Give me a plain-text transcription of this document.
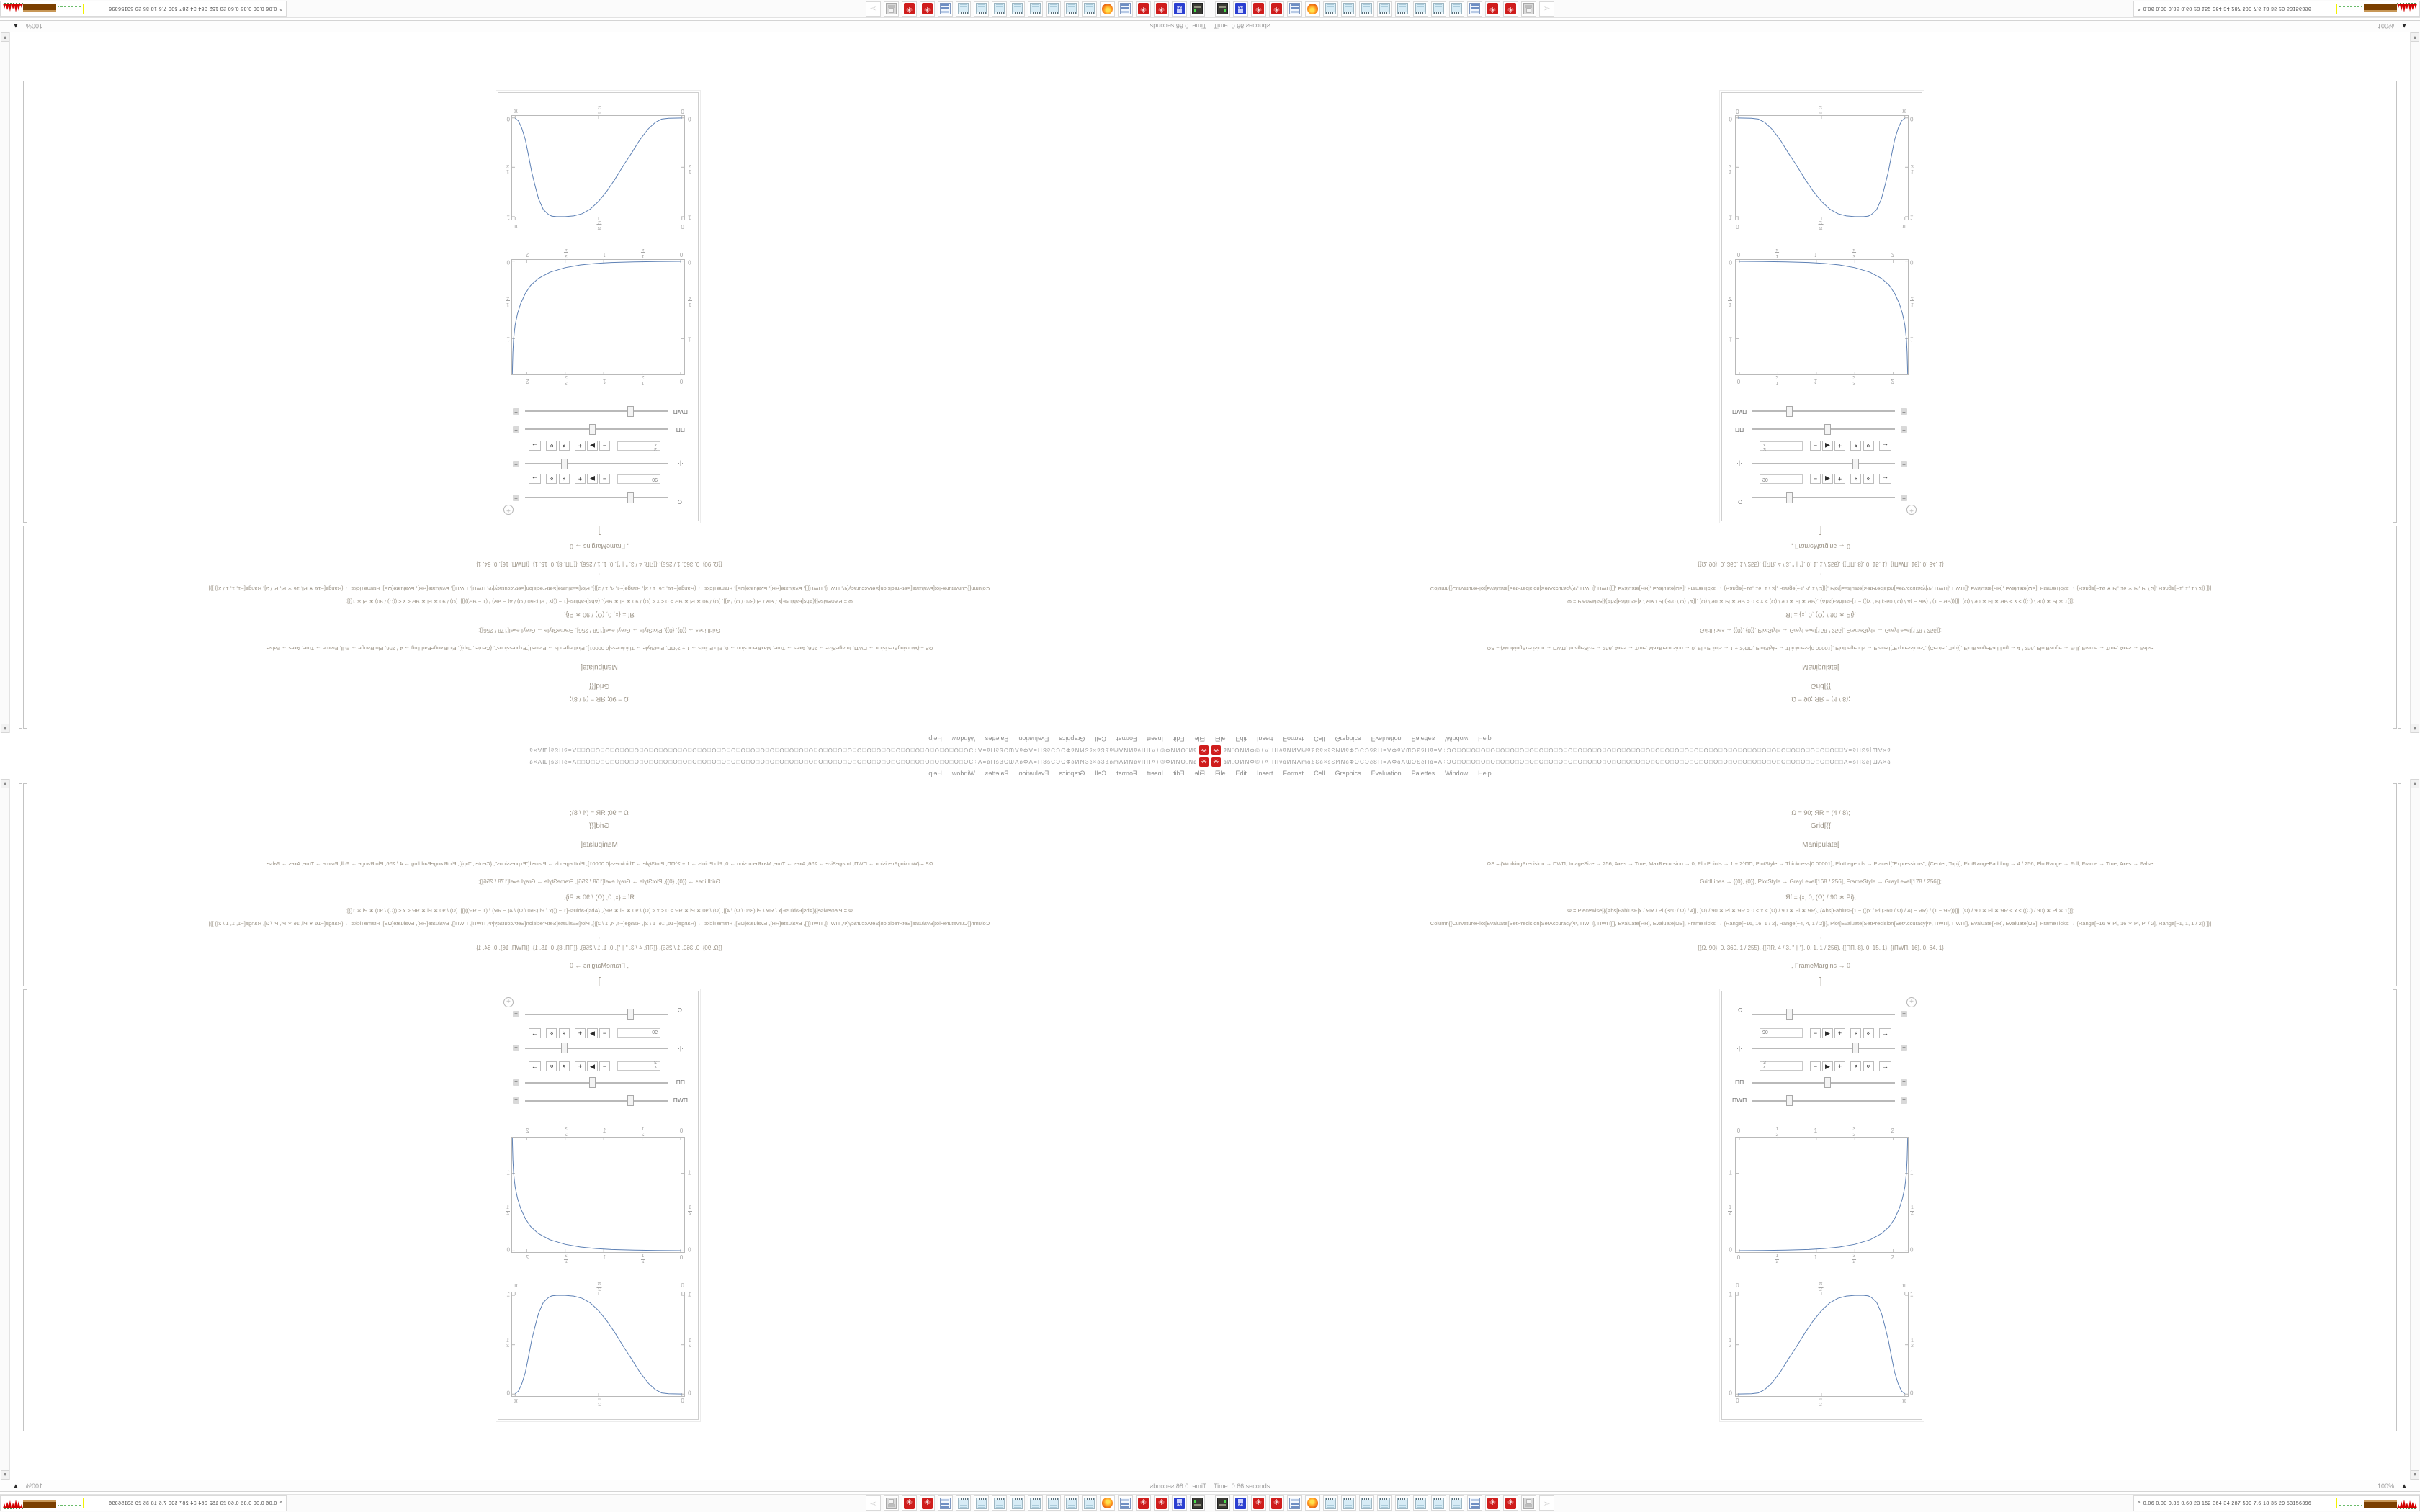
✳
ɜИ.OИNФ®+AΠΠνɞИNAmɞƩƐɞ×ɜƐИNɞФƆCƆƨƐΠ=AΦɞAƜƆƐƨΠɞ=A÷ƆO□O□O□O□O□O□O□O□O□O□O□O□O□O□O□O□O□O□O□O□O□O□O□O□O□O□O□O□O□O□O□O□O□O□O□O□O□O□O□O□□A=ɘΠƐƨ[ƜA×ɞ
File
Edit
Insert
Format
Cell
Graphics
Evaluation
Palettes
Window
Help
Ω = 90; ЯR = (4 / 8);
Grid[{{
Manipulate[
ΩS = {WorkingPrecision → ΠWΠ, ImageSize → 256, Axes → True, MaxRecursion → 0, PlotPoints → 1 + 2^ΠΠ, PlotStyle → Thickness[0.00001], PlotLegends → Placed["Expressions", {Center, Top}], PlotRangePadding → 4 / 256, PlotRange → Full, Frame → True, Axes → False,
GridLines → {{0}, {0}}, PlotStyle → GrayLevel[168 / 256], FrameStyle → GrayLevel[178 / 256]};
Яf = {x, 0, (Ω) / 90 ∗ Pi};
Φ = Piecewise[{{Abs[FabiusF[x / ЯR / Pi (360 / Ω) / 4]], (Ω) / 90 ∗ Pi ∗ ЯR > 0 < x < (Ω) / 90 ∗ Pi ∗ ЯR}, {Abs[FabiusF[1 − (((x / Pi (360 / Ω) / 4( − ЯR) / (1 − ЯR))]]], (Ω) / 90 ∗ Pi ∗ ЯR < x < ((Ω) / 90) ∗ Pi ∗ 1}}];
Column[{CurvaturePlot[Evaluate[SetPrecision[SetAccuracy[Φ, ΠWΠ], ΠWΠ]]], Evaluate[ЯR], Evaluate[ΩS], FrameTicks → {Range[−16, 16, 1 / 2], Range[−4, 4, 1 / 2]}], Plot[Evaluate[SetPrecision[SetAccuracy[Φ, ΠWΠ], ΠWΠ]], Evaluate[ЯR], Evaluate[ΩS], FrameTicks → {Range[−16 ∗ Pi, 16 ∗ Pi, Pi / 2], Range[−1, 1, 1 / 2]} ]}]
,
{{Ω, 90}, 0, 360, 1 / 255}, {{ЯR, 4 / 3, "·|·"}, 0, 1, 1 / 256}, {{ΠΠ, 8}, 0, 15, 1}, {{ΠWΠ, 16}, 0, 64, 1}
, FrameMargins → 0
]
+
Ω
−
90
−
▶
+
»
»
→
·|·
−
3
4
−
▶
+
»
»
→
ΠΠ
+
ΠWΠ
+
0
1
2
1
3
2
2
0
1
2
1
3
2
2
0
1
2
1
0
1
2
1
0
π
2
π
0
π
2
π
0
1
2
1
0
1
2
1
▲
▼
Time: 0.66 seconds
100%
▲
^
0.06 0.00 0.35 0.60 23 152 364 34 287 590 7.6 18 35 29 53156396	64
✳
✳
✳
✳
➣
✳ ɜИ.OИNФ®+AΠΠνɞИNAmɞƩƐɞ×ɜƐИNɞФƆCƆƨƐΠ=AΦɞAƜƆƐƨΠɞ=A÷ƆO□O□O□O□O□O□O□O□O□O□O□O□O□O□O□O□O□O□O□O□O□O□O□O□O□O□O□O□O□O□O□O□O□O□O□O□O□O□O□O□□A=ɘΠƐƨ[ƜA×ɞ
File Edit Insert Format Cell Graphics Evaluation Palettes Window Help
Ω = 90; ЯR = (4 / 8);
Grid[{{
Manipulate[
ΩS = {WorkingPrecision → ΠWΠ, ImageSize → 256, Axes → True, MaxRecursion → 0, PlotPoints → 1 + 2^ΠΠ, PlotStyle → Thickness[0.00001], PlotLegends → Placed["Expressions", {Center, Top}], PlotRangePadding → 4 / 256, PlotRange → Full, Frame → True, Axes → False,
GridLines → {{0}, {0}}, PlotStyle → GrayLevel[168 / 256], FrameStyle → GrayLevel[178 / 256]};
Яf = {x, 0, (Ω) / 90 ∗ Pi};
Φ = Piecewise[{{Abs[FabiusF[x / ЯR / Pi (360 / Ω) / 4]], (Ω) / 90 ∗ Pi ∗ ЯR > 0 < x < (Ω) / 90 ∗ Pi ∗ ЯR}, {Abs[FabiusF[1 − (((x / Pi (360 / Ω) / 4( − ЯR) / (1 − ЯR))]]], (Ω) / 90 ∗ Pi ∗ ЯR < x < ((Ω) / 90) ∗ Pi ∗ 1}}];
Column[{CurvaturePlot[Evaluate[SetPrecision[SetAccuracy[Φ, ΠWΠ], ΠWΠ]]], Evaluate[ЯR], Evaluate[ΩS], FrameTicks → {Range[−16, 16, 1 / 2], Range[−4, 4, 1 / 2]}], Plot[Evaluate[SetPrecision[SetAccuracy[Φ, ΠWΠ], ΠWΠ]], Evaluate[ЯR], Evaluate[ΩS], FrameTicks → {Range[−16 ∗ Pi, 16 ∗ Pi, Pi / 2], Range[−1, 1, 1 / 2]} ]}]
,
{{Ω, 90}, 0, 360, 1 / 255}, {{ЯR, 4 / 3, "·|·"}, 0, 1, 1 / 256}, {{ΠΠ, 8}, 0, 15, 1}, {{ΠWΠ, 16}, 0, 64, 1}
, FrameMargins → 0
]
+
Ω	−
90	− ▶ + » » →
·|·	−
3
4	− ▶ + » » →
ΠΠ	+
ΠWΠ	+
0	1
2
1	3
2
2
0	1
2
1	3
2
2
0
1
2
1
0
1
2
1
0	π
2
π
0	π
2
π
0
1
2
1
0
1
2
1
▲
▼
Time: 0.66 seconds	100% ▲
^ 0.06 0.00 0.35 0.60 23 152 364 34 287 590 7.6 18 35 29 53156396
64 ✳ ✳	✳ ✳	➣
✳
ɜИ.OИNФ®+AΠΠνɞИNAmɞƩƐɞ×ɜƐИNɞФƆCƆƨƐΠ=AΦɞAƜƆƐƨΠɞ=A÷ƆO□O□O□O□O□O□O□O□O□O□O□O□O□O□O□O□O□O□O□O□O□O□O□O□O□O□O□O□O□O□O□O□O□O□O□O□O□O□O□O□□A=ɘΠƐƨ[ƜA×ɞ
File
Edit
Insert
Format
Cell
Graphics
Evaluation
Palettes
Window
Help
Ω = 90; ЯR = (4 / 8);
Grid[{{
Manipulate[
ΩS = {WorkingPrecision → ΠWΠ, ImageSize → 256, Axes → True, MaxRecursion → 0, PlotPoints → 1 + 2^ΠΠ, PlotStyle → Thickness[0.00001], PlotLegends → Placed["Expressions", {Center, Top}], PlotRangePadding → 4 / 256, PlotRange → Full, Frame → True, Axes → False,
GridLines → {{0}, {0}}, PlotStyle → GrayLevel[168 / 256], FrameStyle → GrayLevel[178 / 256]};
Яf = {x, 0, (Ω) / 90 ∗ Pi};
Φ = Piecewise[{{Abs[FabiusF[x / ЯR / Pi (360 / Ω) / 4]], (Ω) / 90 ∗ Pi ∗ ЯR > 0 < x < (Ω) / 90 ∗ Pi ∗ ЯR}, {Abs[FabiusF[1 − (((x / Pi (360 / Ω) / 4( − ЯR) / (1 − ЯR))]]], (Ω) / 90 ∗ Pi ∗ ЯR < x < ((Ω) / 90) ∗ Pi ∗ 1}}];
Column[{CurvaturePlot[Evaluate[SetPrecision[SetAccuracy[Φ, ΠWΠ], ΠWΠ]]], Evaluate[ЯR], Evaluate[ΩS], FrameTicks → {Range[−16, 16, 1 / 2], Range[−4, 4, 1 / 2]}], Plot[Evaluate[SetPrecision[SetAccuracy[Φ, ΠWΠ], ΠWΠ]], Evaluate[ЯR], Evaluate[ΩS], FrameTicks → {Range[−16 ∗ Pi, 16 ∗ Pi, Pi / 2], Range[−1, 1, 1 / 2]} ]}]
,
{{Ω, 90}, 0, 360, 1 / 255}, {{ЯR, 4 / 3, "·|·"}, 0, 1, 1 / 256}, {{ΠΠ, 8}, 0, 15, 1}, {{ΠWΠ, 16}, 0, 64, 1}
, FrameMargins → 0
]
+
Ω
−
90
−
▶
+
»
»
→
·|·
−
$\frac{3}{4}$
−
▶
+
»
»
→
ΠΠ
+
ΠWΠ
+
0
$\frac{1}{2}$
1
$\frac{3}{2}$
2
0
$\frac{1}{2}$
1
$\frac{3}{2}$
2
0
$\frac{1}{2}$
1
0
$\frac{1}{2}$
1
0
$\frac{\pi}{2}$
π
0
$\frac{\pi}{2}$
π
0
$\frac{1}{2}$
1
0
$\frac{1}{2}$
1
▲
▼
Time: 0.66 seconds
100%
▲
^
0.06 0.00 0.35 0.60 23 152 364 34 287 590 7.6 18 35 29 53156396	64
✳
✳
✳
✳
➣
✳ ɜИ.OИNФ®+AΠΠνɞИNAmɞƩƐɞ×ɜƐИNɞФƆCƆƨƐΠ=AΦɞAƜƆƐƨΠɞ=A÷ƆO□O□O□O□O□O□O□O□O□O□O□O□O□O□O□O□O□O□O□O□O□O□O□O□O□O□O□O□O□O□O□O□O□O□O□O□O□O□O□O□□A=ɘΠƐƨ[ƜA×ɞ
File Edit Insert Format Cell Graphics Evaluation Palettes Window Help
Ω = 90; ЯR = (4 / 8);
Grid[{{
Manipulate[
ΩS = {WorkingPrecision → ΠWΠ, ImageSize → 256, Axes → True, MaxRecursion → 0, PlotPoints → 1 + 2^ΠΠ, PlotStyle → Thickness[0.00001], PlotLegends → Placed["Expressions", {Center, Top}], PlotRangePadding → 4 / 256, PlotRange → Full, Frame → True, Axes → False,
GridLines → {{0}, {0}}, PlotStyle → GrayLevel[168 / 256], FrameStyle → GrayLevel[178 / 256]};
Яf = {x, 0, (Ω) / 90 ∗ Pi};
Φ = Piecewise[{{Abs[FabiusF[x / ЯR / Pi (360 / Ω) / 4]], (Ω) / 90 ∗ Pi ∗ ЯR > 0 < x < (Ω) / 90 ∗ Pi ∗ ЯR}, {Abs[FabiusF[1 − (((x / Pi (360 / Ω) / 4( − ЯR) / (1 − ЯR))]]], (Ω) / 90 ∗ Pi ∗ ЯR < x < ((Ω) / 90) ∗ Pi ∗ 1}}];
Column[{CurvaturePlot[Evaluate[SetPrecision[SetAccuracy[Φ, ΠWΠ], ΠWΠ]]], Evaluate[ЯR], Evaluate[ΩS], FrameTicks → {Range[−16, 16, 1 / 2], Range[−4, 4, 1 / 2]}], Plot[Evaluate[SetPrecision[SetAccuracy[Φ, ΠWΠ], ΠWΠ]], Evaluate[ЯR], Evaluate[ΩS], FrameTicks → {Range[−16 ∗ Pi, 16 ∗ Pi, Pi / 2], Range[−1, 1, 1 / 2]} ]}]
,
{{Ω, 90}, 0, 360, 1 / 255}, {{ЯR, 4 / 3, "·|·"}, 0, 1, 1 / 256}, {{ΠΠ, 8}, 0, 15, 1}, {{ΠWΠ, 16}, 0, 64, 1}
, FrameMargins → 0
]
+
Ω	−
90	− ▶ + » » →
·|·	−
$\frac{3}{4}$	− ▶ + » » →
ΠΠ	+
ΠWΠ	+
0	$\frac{1}{2}$	1	$\frac{3}{2}$	2
0	$\frac{1}{2}$	1	$\frac{3}{2}$	2
0
$\frac{1}{2}$
1
0
$\frac{1}{2}$
1
0	$\frac{\pi}{2}$	π
0	$\frac{\pi}{2}$	π
0
$\frac{1}{2}$
1
0
$\frac{1}{2}$
1
▲
▼
Time: 0.66 seconds	100% ▲
^ 0.06 0.00 0.35 0.60 23 152 364 34 287 590 7.6 18 35 29 53156396
64 ✳ ✳	✳ ✳	➣
